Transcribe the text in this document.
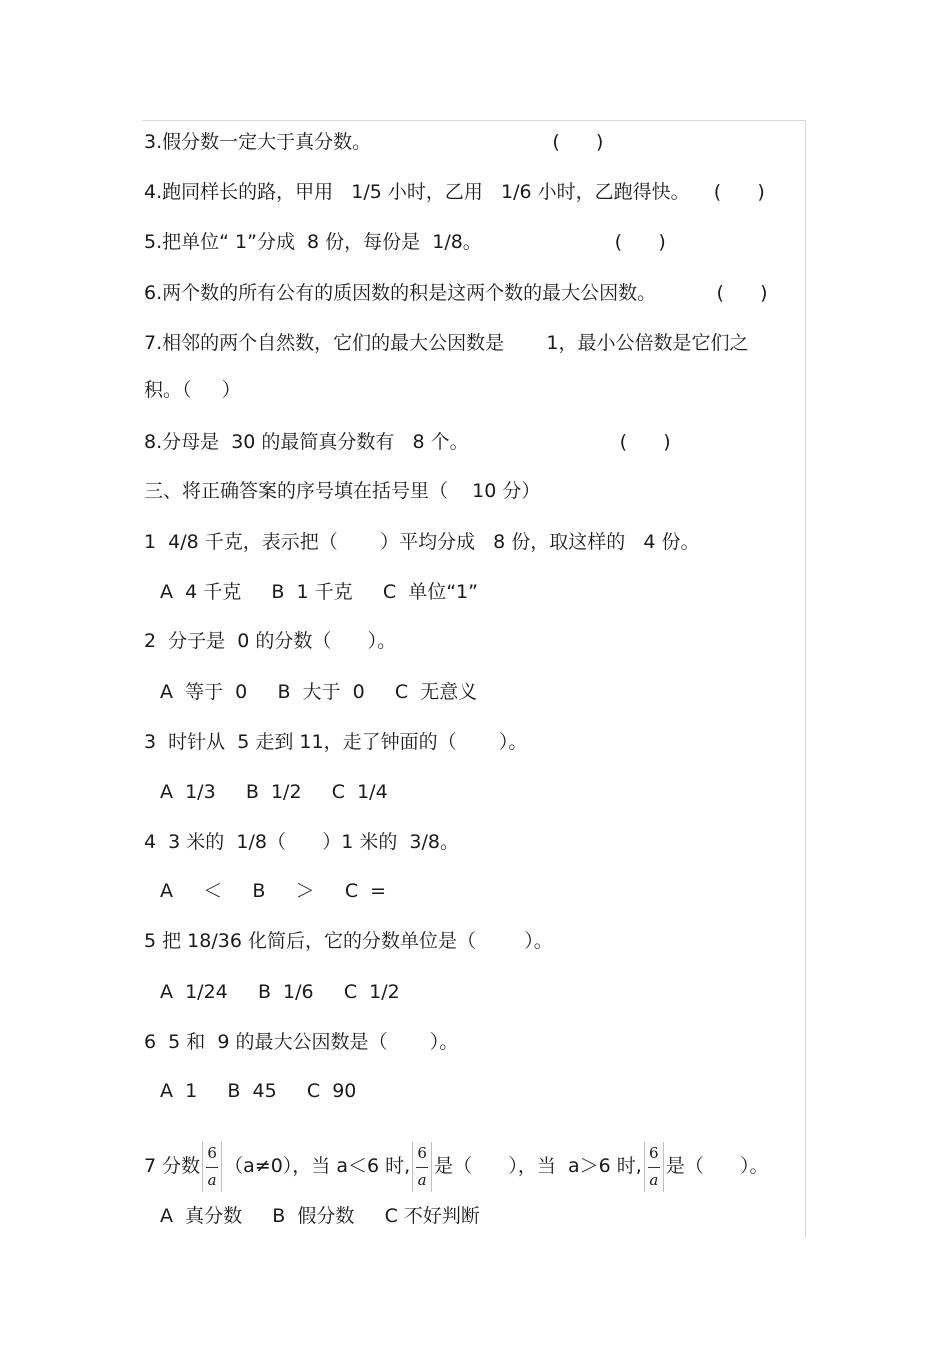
3.假分数一定大于真分数。                              (      )
4.跑同样长的路，甲用   1/5 小时，乙用   1/6 小时，乙跑得快。    (      )
5.把单位“ 1”分成  8 份，每份是  1/8。                      (      )
6.两个数的所有公有的质因数的积是这两个数的最大公因数。          (      )
7.相邻的两个自然数，它们的最大公因数是       1，最小公倍数是它们之
积。（     ）
8.分母是  30 的最简真分数有   8 个。                         (      )
三、将正确答案的序号填在括号里（    10 分）
1  4/8 千克，表示把（       ）平均分成   8 份，取这样的   4 份。
A  4 千克     B  1 千克     C  单位“1”
2  分子是  0 的分数（      ）。
A  等于  0     B  大于  0     C  无意义
3  时针从  5 走到 11，走了钟面的（       ）。
A  1/3     B  1/2     C  1/4
4  3 米的  1/8（      ）1 米的  3/8。
A     ＜     B     ＞     C  =
5 把 18/36 化简后，它的分数单位是（        ）。
A  1/24     B  1/6     C  1/2
6  5 和  9 的最大公因数是（       ）。
A  1     B  45     C  90
7 分数 $\frac{6}{a} (a\ne 0)$，当 a＜6 时, $\frac{6}{a}$ 是（      ），当  a＞6 时, $\frac{6}{a}$ 是（      ）。
A  真分数     B  假分数     C 不好判断
